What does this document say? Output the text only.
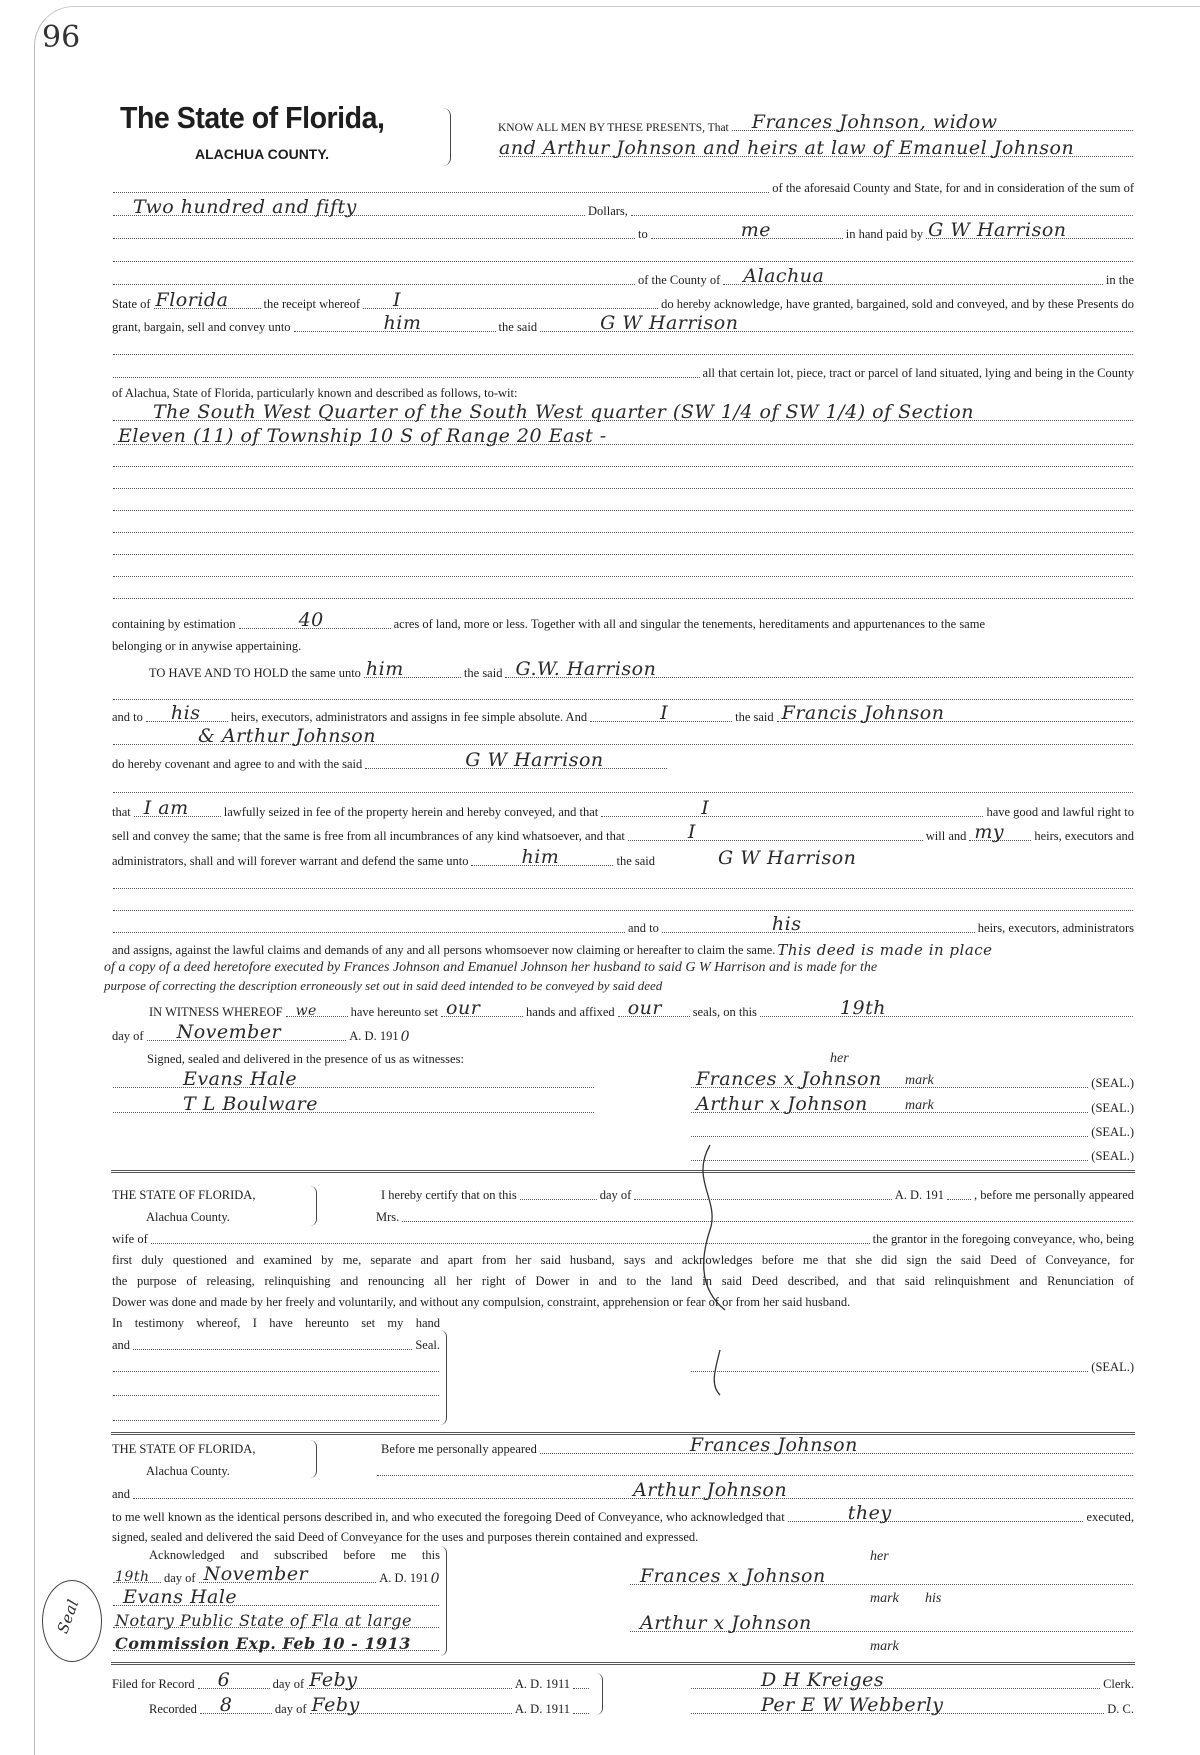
96
The State of Florida,
ALACHUA COUNTY.
KNOW ALL MEN BY THESE PRESENTS, That Frances Johnson, widow
and Arthur Johnson and heirs at law of Emanuel Johnson
of the aforesaid County and State, for and in consideration of the sum of
Two hundred and fifty	Dollars,
to	me	in hand paid by G W Harrison
of the County of Alachua	in the
State of Florida	the receipt whereof I	do hereby acknowledge, have granted, bargained, sold and conveyed, and by these Presents do
grant, bargain, sell and convey unto	him	the said	G W Harrison
all that certain lot, piece, tract or parcel of land situated, lying and being in the County
of Alachua, State of Florida, particularly known and described as follows, to-wit:
The South West Quarter of the South West quarter (SW 1/4 of SW 1/4) of Section
Eleven (11) of Township 10 S of Range 20 East -
containing by estimation	40	acres of land, more or less. Together with all and singular the tenements, hereditaments and appurtenances to the same
belonging or in anywise appertaining.
TO HAVE AND TO HOLD the same unto him	the said G.W. Harrison
and to his heirs, executors, administrators and assigns in fee simple absolute. And	I	the said Francis Johnson
& Arthur Johnson
do hereby covenant and agree to and with the said	G W Harrison
that I am	lawfully seized in fee of the property herein and hereby conveyed, and that	I	have good and lawful right to
sell and convey the same; that the same is free from all incumbrances of any kind whatsoever, and that	I	will and my heirs, executors and
administrators, shall and will forever warrant and defend the same unto	him	the said	G W Harrison
and to	his	heirs, executors, administrators
and assigns, against the lawful claims and demands of any and all persons whomsoever now claiming or hereafter to claim the same. This deed is made in place
of a copy of a deed heretofore executed by Frances Johnson and Emanuel Johnson her husband to said G W Harrison and is made for the
purpose of correcting the description erroneously set out in said deed intended to be conveyed by said deed
IN WITNESS WHEREOF we	have hereunto set our	hands and affixed our seals, on this	19th
day of November	A. D. 191 0
Signed, sealed and delivered in the presence of us as witnesses:
Evans Hale
T L Boulware
her
mark
mark
Frances x Johnson	(SEAL.)
Arthur x Johnson	(SEAL.)
(SEAL.)
(SEAL.)
THE STATE OF FLORIDA,	I hereby certify that on this	day of	A. D. 191 , before me personally appeared
Alachua County.	Mrs.
wife of	the grantor in the foregoing conveyance, who, being
first duly questioned and examined by me, separate and apart from her said husband, says and acknowledges before me that she did sign the said Deed of Conveyance, for
the purpose of releasing, relinquishing and renouncing all her right of Dower in and to the land in said Deed described, and that said relinquishment and Renunciation of
Dower was done and made by her freely and voluntarily, and without any compulsion, constraint, apprehension or fear of or from her said husband.
In testimony whereof, I have hereunto set my hand
and	Seal.
(SEAL.)
THE STATE OF FLORIDA,	Before me personally appeared	Frances Johnson
Alachua County.
and	Arthur Johnson
to me well known as the identical persons described in, and who executed the foregoing Deed of Conveyance, who acknowledged that	they	executed,
signed, sealed and delivered the said Deed of Conveyance for the uses and purposes therein contained and expressed.
Acknowledged and subscribed before me this
19th day of November	A. D. 191 0
Evans Hale
Notary Public State of Fla at large
Commission Exp. Feb 10 - 1913
Seal
her
mark his
mark
Frances x Johnson
Arthur x Johnson
Filed for Record 6	day of Feby	A. D. 1911
Recorded 8	day of Feby	A. D. 1911
D H Kreiges	Clerk.
Per E W Webberly	D. C.
